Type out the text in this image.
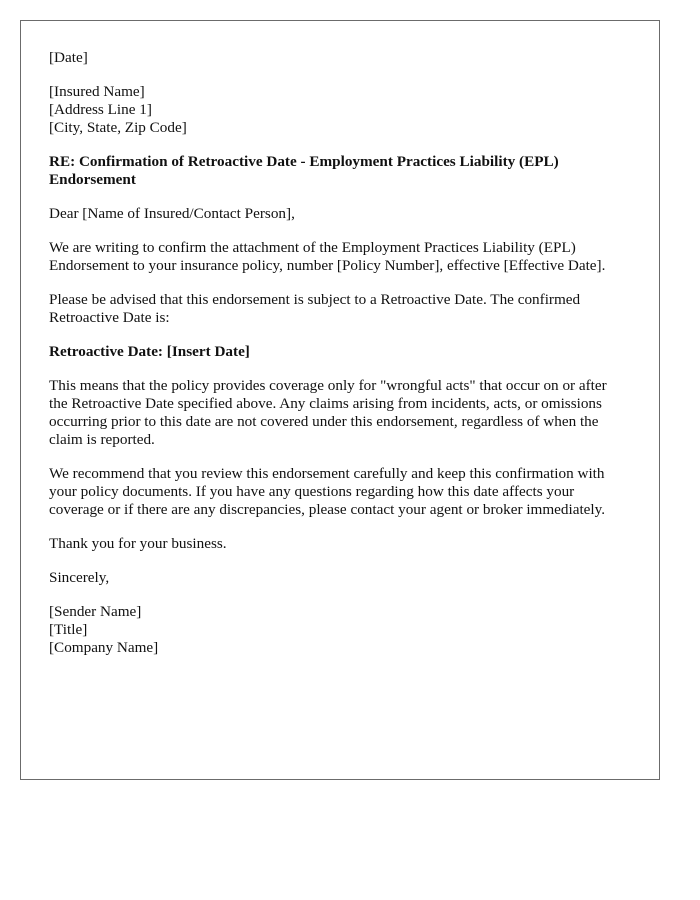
[Date]
[Insured Name]
[Address Line 1]
[City, State, Zip Code]

RE: Confirmation of Retroactive Date - Employment Practices Liability (EPL) Endorsement

Dear [Name of Insured/Contact Person],

We are writing to confirm the attachment of the Employment Practices Liability (EPL) Endorsement to your insurance policy, number [Policy Number], effective [Effective Date].

Please be advised that this endorsement is subject to a Retroactive Date. The confirmed Retroactive Date is:

Retroactive Date: [Insert Date]

This means that the policy provides coverage only for "wrongful acts" that occur on or after the Retroactive Date specified above. Any claims arising from incidents, acts, or omissions occurring prior to this date are not covered under this endorsement, regardless of when the claim is reported.

We recommend that you review this endorsement carefully and keep this confirmation with your policy documents. If you have any questions regarding how this date affects your coverage or if there are any discrepancies, please contact your agent or broker immediately.

Thank you for your business.

Sincerely,

[Sender Name]
[Title]
[Company Name]
